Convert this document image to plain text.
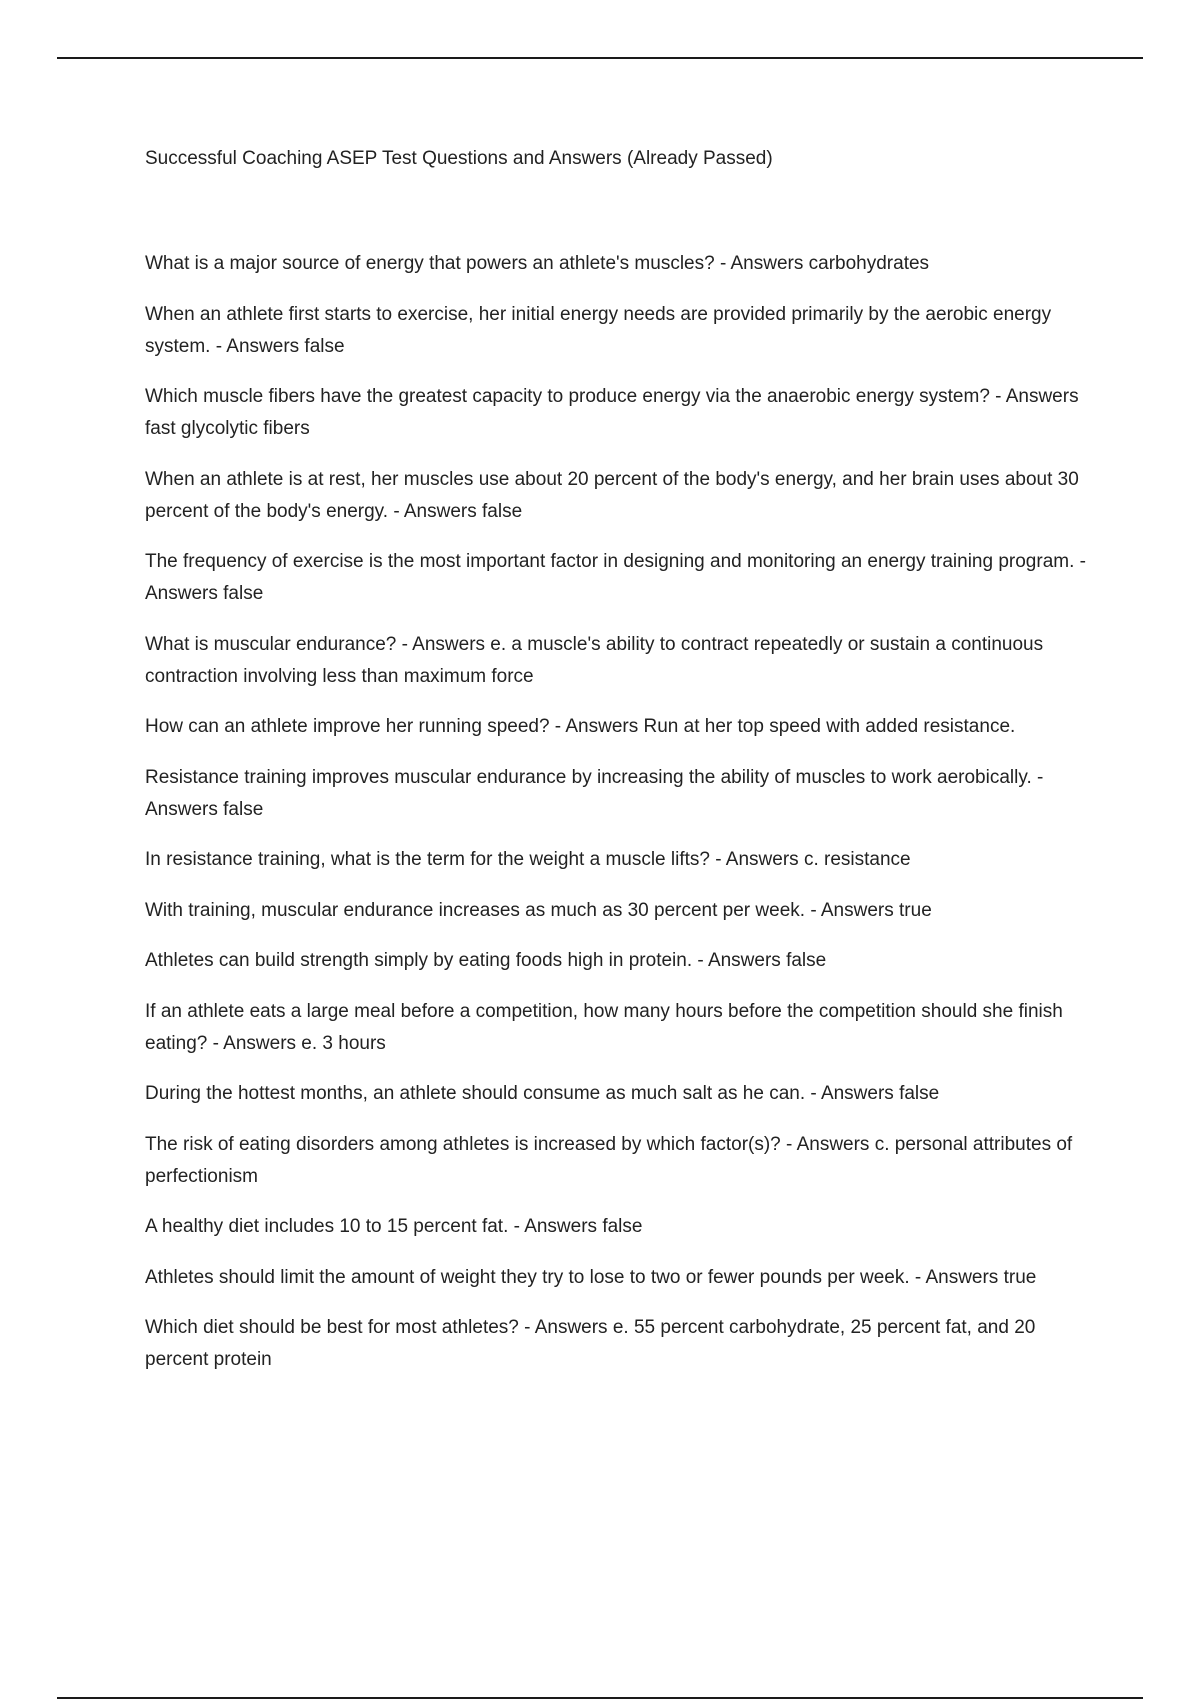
Successful Coaching ASEP Test Questions and Answers (Already Passed)
What is a major source of energy that powers an athlete's muscles? - Answers carbohydrates
When an athlete first starts to exercise, her initial energy needs are provided primarily by the aerobic energy system. - Answers false
Which muscle fibers have the greatest capacity to produce energy via the anaerobic energy system? - Answers fast glycolytic fibers
When an athlete is at rest, her muscles use about 20 percent of the body's energy, and her brain uses about 30 percent of the body's energy. - Answers false
The frequency of exercise is the most important factor in designing and monitoring an energy training program. - Answers false
What is muscular endurance? - Answers e. a muscle's ability to contract repeatedly or sustain a continuous contraction involving less than maximum force
How can an athlete improve her running speed? - Answers Run at her top speed with added resistance.
Resistance training improves muscular endurance by increasing the ability of muscles to work aerobically. - Answers false
In resistance training, what is the term for the weight a muscle lifts? - Answers c. resistance
With training, muscular endurance increases as much as 30 percent per week. - Answers true
Athletes can build strength simply by eating foods high in protein. - Answers false
If an athlete eats a large meal before a competition, how many hours before the competition should she finish eating? - Answers e. 3 hours
During the hottest months, an athlete should consume as much salt as he can. - Answers false
The risk of eating disorders among athletes is increased by which factor(s)? - Answers c. personal attributes of perfectionism
A healthy diet includes 10 to 15 percent fat. - Answers false
Athletes should limit the amount of weight they try to lose to two or fewer pounds per week. - Answers true
Which diet should be best for most athletes? - Answers e. 55 percent carbohydrate, 25 percent fat, and 20 percent protein
